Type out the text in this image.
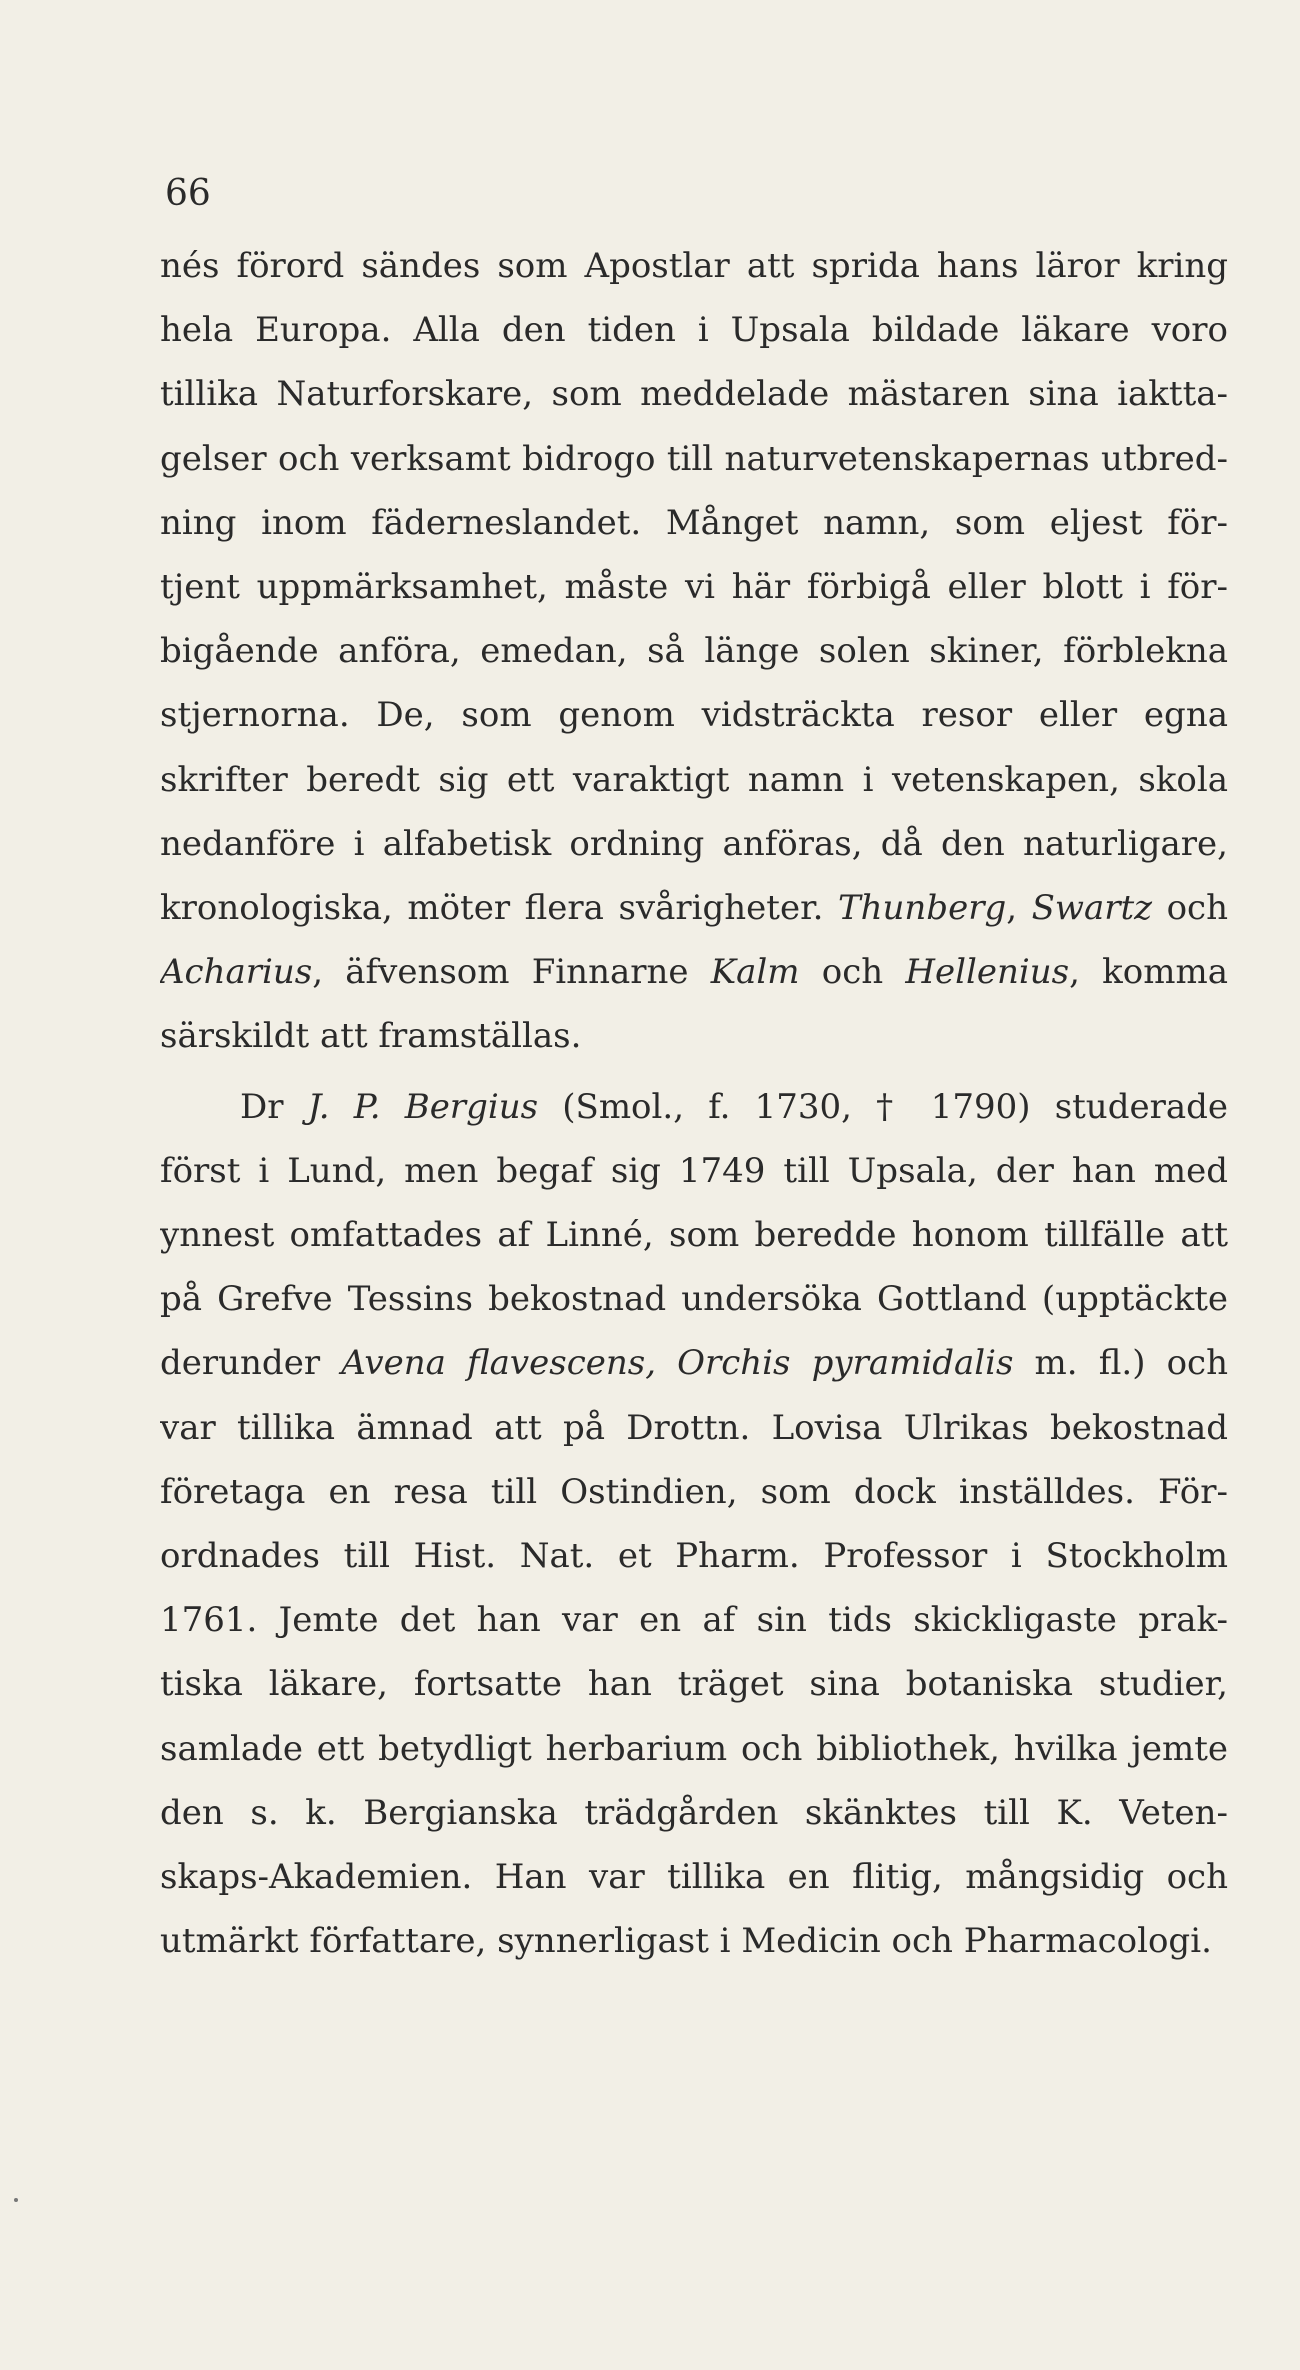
66
nés förord sändes som Apostlar att sprida hans läror kring
hela Europa. Alla den tiden i Upsala bildade läkare voro
tillika Naturforskare, som meddelade mästaren sina iaktta-
gelser och verksamt bidrogo till naturvetenskapernas utbred-
ning inom fäderneslandet. Månget namn, som eljest för-
tjent uppmärksamhet, måste vi här förbigå eller blott i för-
bigående anföra, emedan, så länge solen skiner, förblekna
stjernorna. De, som genom vidsträckta resor eller egna
skrifter beredt sig ett varaktigt namn i vetenskapen, skola
nedanföre i alfabetisk ordning anföras, då den naturligare,
kronologiska, möter flera svårigheter. Thunberg, Swartz och
Acharius, äfvensom Finnarne Kalm och Hellenius, komma
särskildt att framställas.
Dr J. P. Bergius (Smol., f. 1730, † 1790) studerade
först i Lund, men begaf sig 1749 till Upsala, der han med
ynnest omfattades af Linné, som beredde honom tillfälle att
på Grefve Tessins bekostnad undersöka Gottland (upptäckte
derunder Avena flavescens, Orchis pyramidalis m. fl.) och
var tillika ämnad att på Drottn. Lovisa Ulrikas bekostnad
företaga en resa till Ostindien, som dock inställdes. För-
ordnades till Hist. Nat. et Pharm. Professor i Stockholm
1761. Jemte det han var en af sin tids skickligaste prak-
tiska läkare, fortsatte han träget sina botaniska studier,
samlade ett betydligt herbarium och bibliothek, hvilka jemte
den s. k. Bergianska trädgården skänktes till K. Veten-
skaps-Akademien. Han var tillika en flitig, mångsidig och
utmärkt författare, synnerligast i Medicin och Pharmacologi.
